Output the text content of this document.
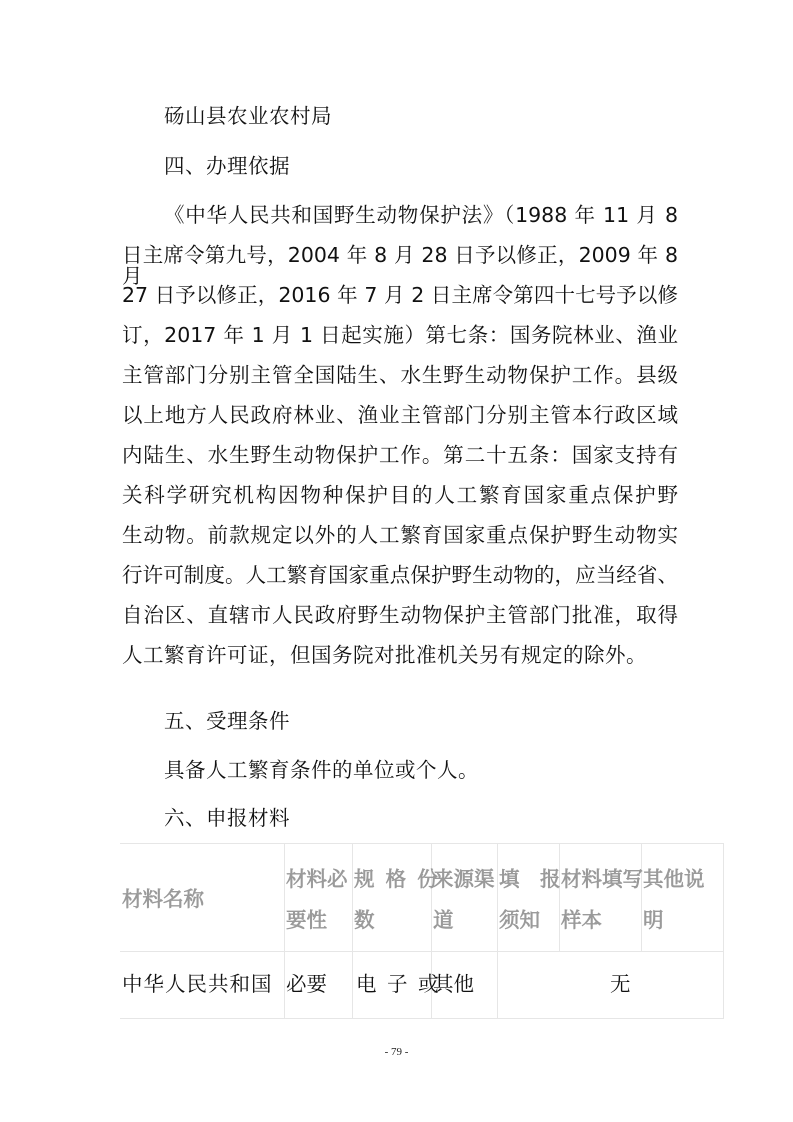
砀山县农业农村局
四、办理依据
《中华人民共和国野生动物保护法》（1988 年 11 月 8
日主席令第九号，2004 年 8 月 28 日予以修正，2009 年 8 月
27 日予以修正，2016 年 7 月 2 日主席令第四十七号予以修
订，2017 年 1 月 1 日起实施）第七条：国务院林业、渔业
主管部门分别主管全国陆生、水生野生动物保护工作。县级
以上地方人民政府林业、渔业主管部门分别主管本行政区域
内陆生、水生野生动物保护工作。第二十五条：国家支持有
关科学研究机构因物种保护目的人工繁育国家重点保护野
生动物。前款规定以外的人工繁育国家重点保护野生动物实
行许可制度。人工繁育国家重点保护野生动物的，应当经省、
自治区、直辖市人民政府野生动物保护主管部门批准，取得
人工繁育许可证，但国务院对批准机关另有规定的除外。
五、受理条件
具备人工繁育条件的单位或个人。
六、申报材料
材料名称
材料必
要性
规 格 份
数
来源渠
道
填　报
须知
材料填写
样本
其他说
明
中华人民共和国 必要 电 子 或
其他	无
- 79 -
